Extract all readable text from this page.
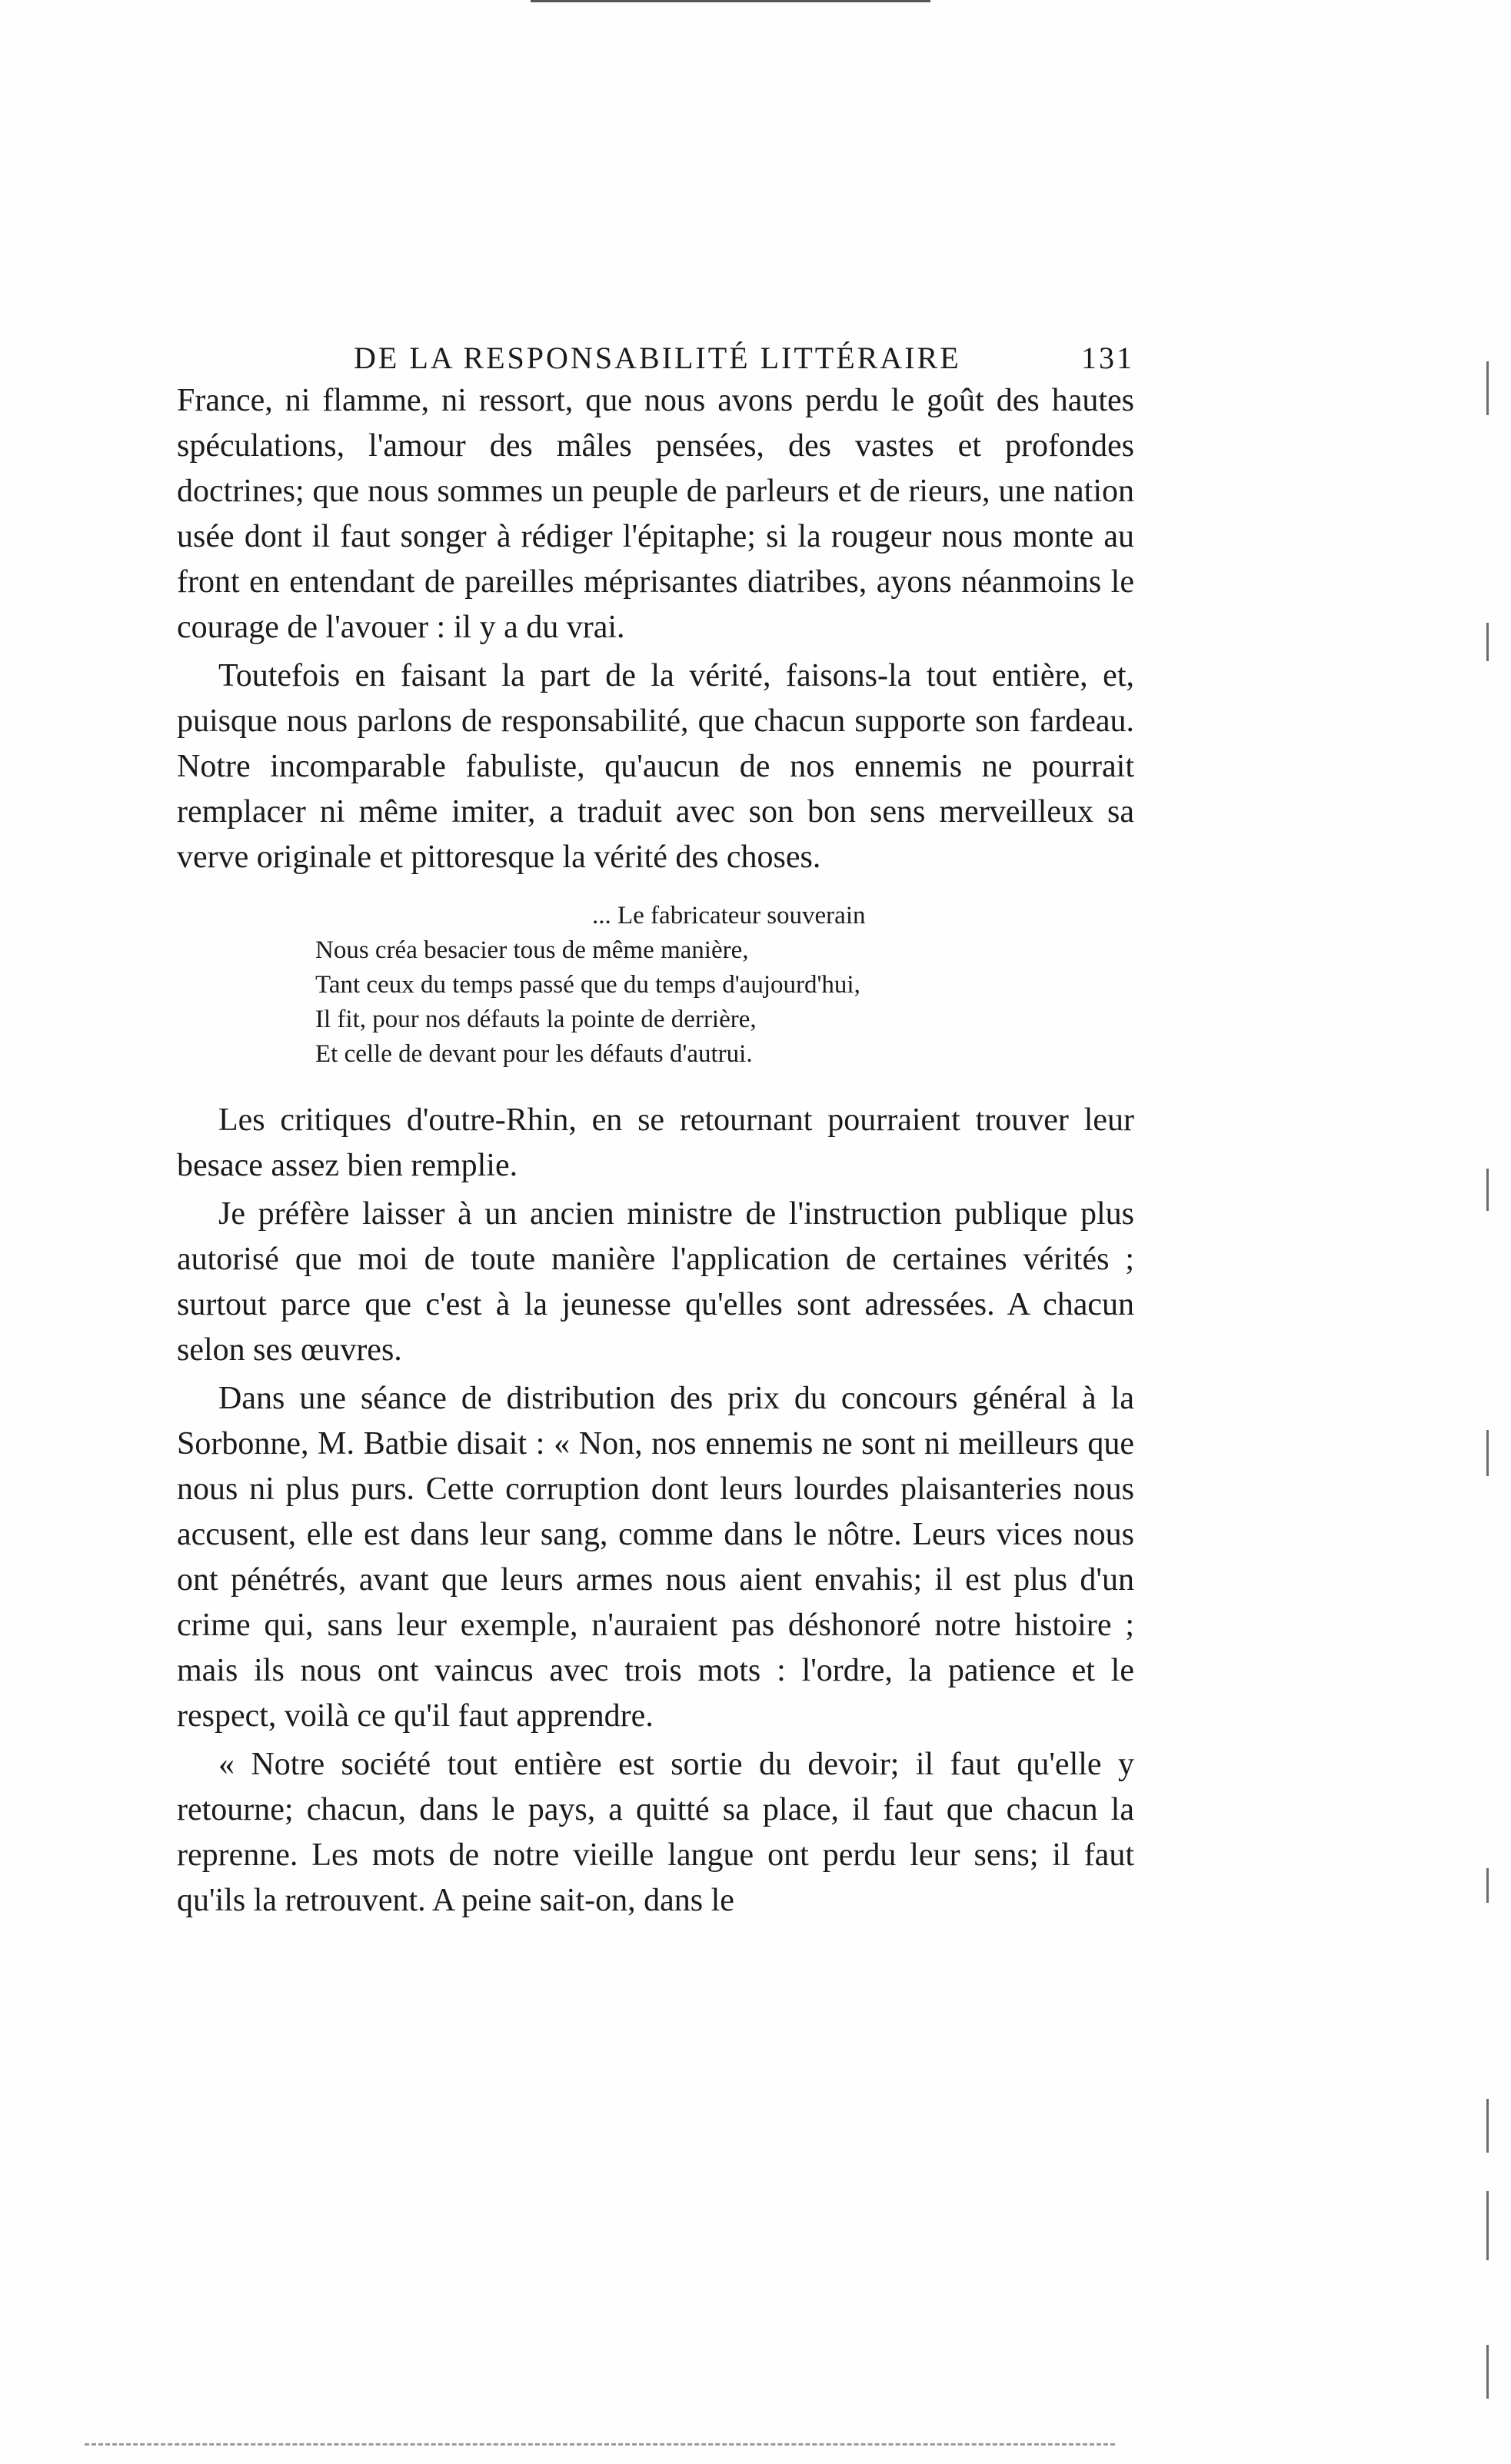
DE LA RESPONSABILITÉ LITTÉRAIRE	131

France, ni flamme, ni ressort, que nous avons perdu le goût des hautes spéculations, l'amour des mâles pensées, des vastes et profondes doctrines; que nous sommes un peuple de parleurs et de rieurs, une nation usée dont il faut songer à rédiger l'épitaphe; si la rougeur nous monte au front en entendant de pareilles méprisantes diatribes, ayons néanmoins le courage de l'avouer : il y a du vrai.

Toutefois en faisant la part de la vérité, faisons-la tout entière, et, puisque nous parlons de responsabilité, que chacun supporte son fardeau. Notre incomparable fabuliste, qu'aucun de nos ennemis ne pourrait remplacer ni même imiter, a traduit avec son bon sens merveilleux sa verve originale et pittoresque la vérité des choses.

... Le fabricateur souverain
Nous créa besacier tous de même manière,
Tant ceux du temps passé que du temps d'aujourd'hui,
Il fit, pour nos défauts la pointe de derrière,
Et celle de devant pour les défauts d'autrui.

Les critiques d'outre-Rhin, en se retournant pourraient trouver leur besace assez bien remplie.

Je préfère laisser à un ancien ministre de l'instruction publique plus autorisé que moi de toute manière l'application de certaines vérités ; surtout parce que c'est à la jeunesse qu'elles sont adressées. A chacun selon ses œuvres.

Dans une séance de distribution des prix du concours général à la Sorbonne, M. Batbie disait : « Non, nos ennemis ne sont ni meilleurs que nous ni plus purs. Cette corruption dont leurs lourdes plaisanteries nous accusent, elle est dans leur sang, comme dans le nôtre. Leurs vices nous ont pénétrés, avant que leurs armes nous aient envahis; il est plus d'un crime qui, sans leur exemple, n'auraient pas déshonoré notre histoire ; mais ils nous ont vaincus avec trois mots : l'ordre, la patience et le respect, voilà ce qu'il faut apprendre.

« Notre société tout entière est sortie du devoir; il faut qu'elle y retourne; chacun, dans le pays, a quitté sa place, il faut que chacun la reprenne. Les mots de notre vieille langue ont perdu leur sens; il faut qu'ils la retrouvent. A peine sait-on, dans le
